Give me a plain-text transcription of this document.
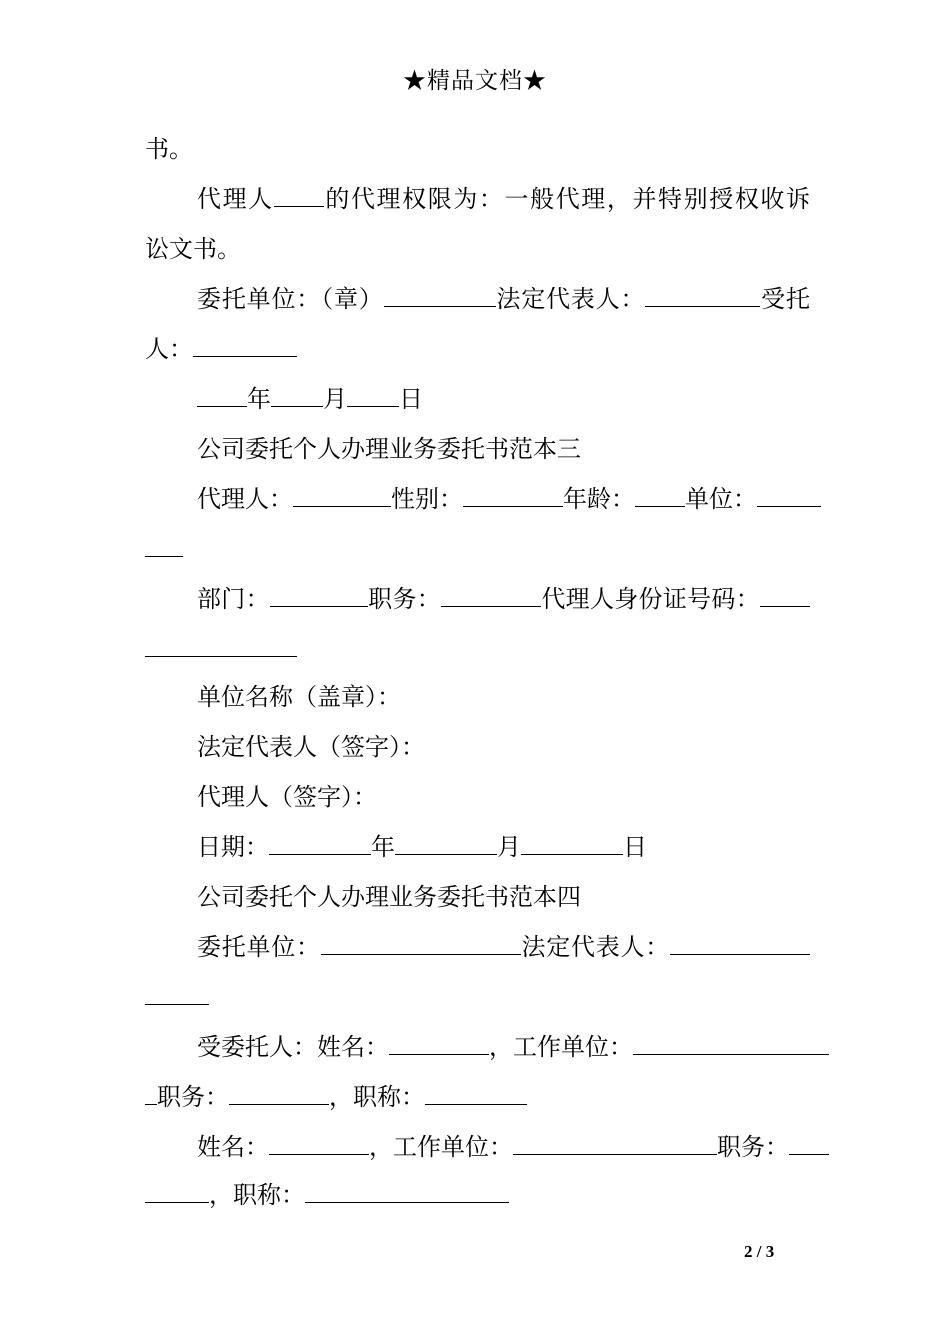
★精品文档★
书。
代理人 的代理权限为：一般代理，并特别授权收诉
讼文书。
委托单位：（章）	法定代表人：	受托
人：
年 月 日
公司委托个人办理业务委托书范本三
代理人：	性别：	年龄： 单位：
部门：	职务：	代理人身份证号码：
单位名称（盖章）：
法定代表人（签字）：
代理人（签字）：
日期：	年	月	日
公司委托个人办理业务委托书范本四
委托单位：	法定代表人：
受委托人：姓名：	，工作单位：
职务：	，职称：
姓名：	，工作单位：	职务：
，职称：
2 / 3
